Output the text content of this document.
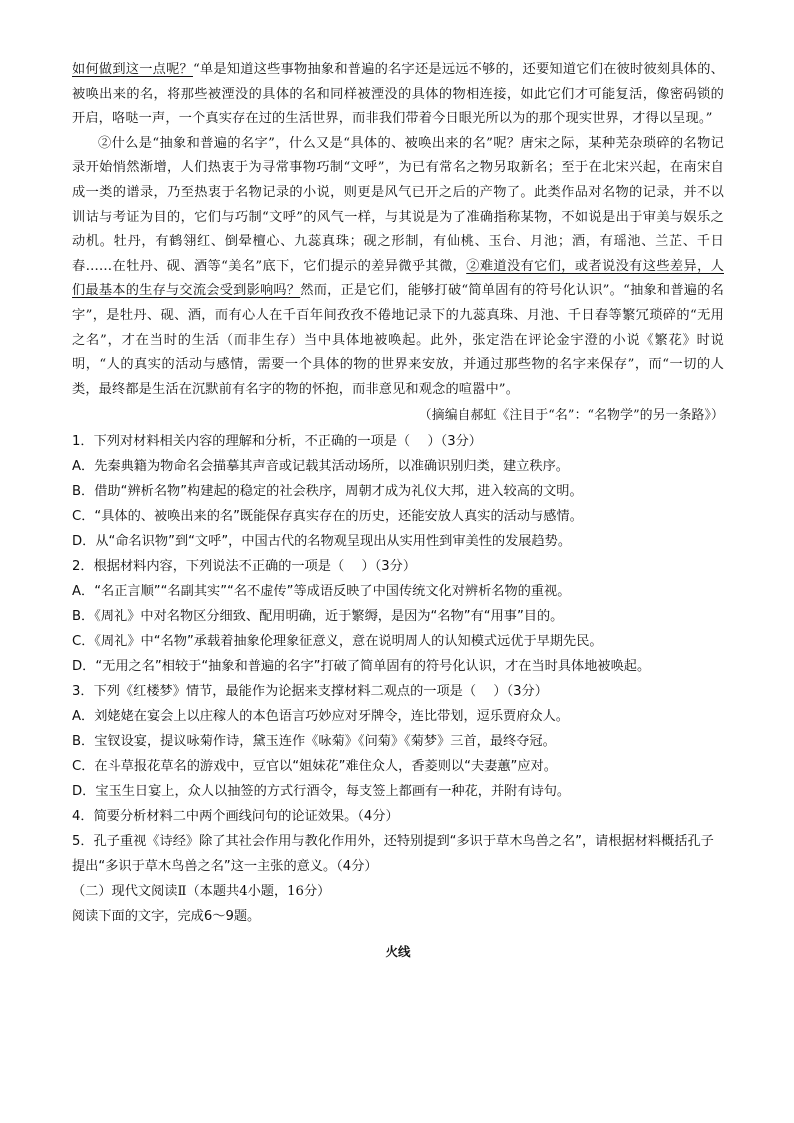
如何做到这一点呢？“单是知道这些事物抽象和普遍的名字还是远远不够的，还要知道它们在彼时彼刻具体的、被唤出来的名，将那些被湮没的具体的名和同样被湮没的具体的物相连接，如此它们才可能复活，像密码锁的开启，咯哒一声，一个真实存在过的生活世界，而非我们带着今日眼光所以为的那个现实世界，才得以呈现。”

②什么是“抽象和普遍的名字”，什么又是“具体的、被唤出来的名”呢？唐宋之际，某种芜杂琐碎的名物记录开始悄然渐增，人们热衷于为寻常事物巧制“文呼”，为已有常名之物另取新名；至于在北宋兴起，在南宋自成一类的谱录，乃至热衷于名物记录的小说，则更是风气已开之后的产物了。此类作品对名物的记录，并不以训诂与考证为目的，它们与巧制“文呼”的风气一样，与其说是为了准确指称某物，不如说是出于审美与娱乐之动机。牡丹，有鹤翎红、倒晕檀心、九蕊真珠；砚之形制，有仙桃、玉台、月池；酒，有瑶池、兰芷、千日春……在牡丹、砚、酒等“美名”底下，它们提示的差异微乎其微，②难道没有它们，或者说没有这些差异，人们最基本的生存与交流会受到影响吗？然而，正是它们，能够打破“简单固有的符号化认识”。“抽象和普遍的名字”，是牡丹、砚、酒，而有心人在千百年间孜孜不倦地记录下的九蕊真珠、月池、千日春等繁冗琐碎的“无用之名”，才在当时的生活（而非生存）当中具体地被唤起。此外，张定浩在评论金宇澄的小说《繁花》时说明，“人的真实的活动与感情，需要一个具体的物的世界来安放，并通过那些物的名字来保存”，而“一切的人类，最终都是生活在沉默前有名字的物的怀抱，而非意见和观念的喧嚣中”。

（摘编自郝虹《注目于“名”：“名物学”的另一条路》）
1．下列对材料相关内容的理解和分析，不正确的一项是（　 ）（3分）
A．先秦典籍为物命名会描摹其声音或记载其活动场所，以准确识别归类，建立秩序。
B．借助“辨析名物”构建起的稳定的社会秩序，周朝才成为礼仪大邦，进入较高的文明。
C．“具体的、被唤出来的名”既能保存真实存在的历史，还能安放人真实的活动与感情。
D．从“命名识物”到“文呼”，中国古代的名物观呈现出从实用性到审美性的发展趋势。
2．根据材料内容，下列说法不正确的一项是（　 ）（3分）
A．“名正言顺”“名副其实”“名不虚传”等成语反映了中国传统文化对辨析名物的重视。
B．《周礼》中对名物区分细致、配用明确，近于繁缛，是因为“名物”有“用事”目的。
C．《周礼》中“名物”承载着抽象伦理象征意义，意在说明周人的认知模式远优于早期先民。
D．“无用之名”相较于“抽象和普遍的名字”打破了简单固有的符号化认识，才在当时具体地被唤起。
3．下列《红楼梦》情节，最能作为论据来支撑材料二观点的一项是（　 ）（3分）
A．刘姥姥在宴会上以庄稼人的本色语言巧妙应对牙牌令，连比带划，逗乐贾府众人。
B．宝钗设宴，提议咏菊作诗，黛玉连作《咏菊》《问菊》《菊梦》三首，最终夺冠。
C．在斗草报花草名的游戏中，豆官以“姐妹花”难住众人，香菱则以“夫妻蕙”应对。
D．宝玉生日宴上，众人以抽签的方式行酒令，每支签上都画有一种花，并附有诗句。
4．简要分析材料二中两个画线问句的论证效果。（4分）
5．孔子重视《诗经》除了其社会作用与教化作用外，还特别提到“多识于草木鸟兽之名”，请根据材料概括孔子提出“多识于草木鸟兽之名”这一主张的意义。（4分）
（二）现代文阅读Ⅱ（本题共4小题，16分）
阅读下面的文字，完成6～9题。
火线
